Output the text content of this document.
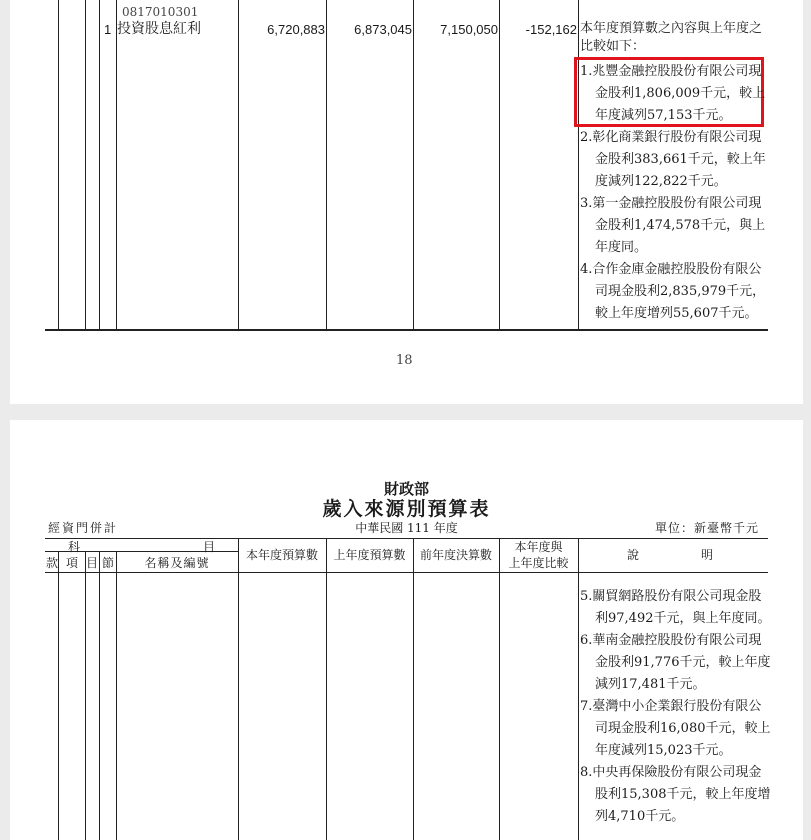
0817010301
1 投資股息紅利	6,720,883 6,873,045 7,150,050 -152,162 本年度預算數之內容與上年度之
比較如下：
1.兆豐金融控股股份有限公司現
金股利1,806,009千元，較上
年度減列57,153千元。
2.彰化商業銀行股份有限公司現
金股利383,661千元，較上年
度減列122,822千元。
3.第一金融控股股份有限公司現
金股利1,474,578千元，與上
年度同。
4.合作金庫金融控股股份有限公
司現金股利2,835,979千元，
較上年度增列55,607千元。
18
財政部
歲入來源別預算表
經資門併計	中華民國 111 年度	單位：新臺幣千元
科	目
款 項 目 節	名稱及編號
本年度預算數	上年度預算數	前年度決算數
本年度與
上年度比較
說	明
5.關貿網路股份有限公司現金股
利97,492千元，與上年度同。
6.華南金融控股股份有限公司現
金股利91,776千元，較上年度
減列17,481千元。
7.臺灣中小企業銀行股份有限公
司現金股利16,080千元，較上
年度減列15,023千元。
8.中央再保險股份有限公司現金
股利15,308千元，較上年度增
列4,710千元。
